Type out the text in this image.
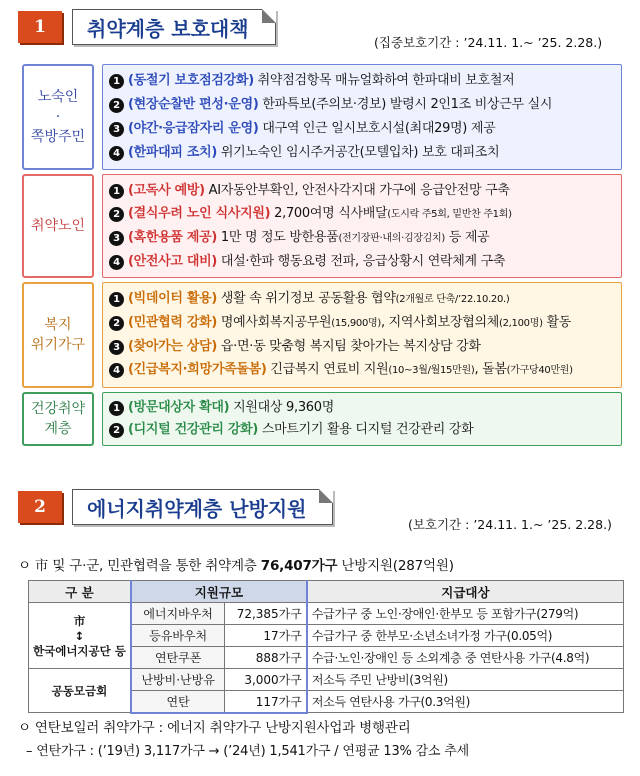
1	취약계층 보호대책
(집중보호기간 : ’24.11. 1.~ ’25. 2.28.)
노숙인
·
쪽방주민
1 (동절기 보호점검강화) 취약점검항목 매뉴얼화하여 한파대비 보호철저
2 (현장순찰반 편성·운영) 한파특보(주의보·경보) 발령시 2인1조 비상근무 실시
3 (야간·응급잠자리 운영) 대구역 인근 일시보호시설(최대29명) 제공
4 (한파대피 조치) 위기노숙인 임시주거공간(모텔입차) 보호 대피조치
취약노인
1 (고독사 예방) AI자동안부확인, 안전사각지대 가구에 응급안전망 구축
2 (결식우려 노인 식사지원) 2,700여명 식사배달(도시락 주5회, 밑반찬 주1회)
3 (혹한용품 제공) 1만 명 정도 방한용품(전기장판·내의·김장김치) 등 제공
4 (안전사고 대비) 대설·한파 행동요령 전파, 응급상황시 연락체계 구축
복지
위기가구
1 (빅데이터 활용) 생활 속 위기정보 공동활용 협약(2개월로 단축/’22.10.20.)
2 (민관협력 강화) 명예사회복지공무원(15,900명), 지역사회보장협의체(2,100명) 활동
3 (찾아가는 상담) 읍·면·동 맞춤형 복지팀 찾아가는 복지상담 강화
4 (긴급복지·희망가족돌봄) 긴급복지 연료비 지원(10~3월/월15만원), 돌봄(가구당40만원)
건강취약
계층
1 (방문대상자 확대) 지원대상 9,360명
2 (디지털 건강관리 강화) 스마트기기 활용 디지털 건강관리 강화
2	에너지취약계층 난방지원
(보호기간 : ’24.11. 1.~ ’25. 2.28.)
ㅇ 市 및 구·군, 민관협력을 통한 취약계층 76,407가구 난방지원(287억원)
구 분	지원규모		지급대상

市
↕
한국에너지공단 등	에너지바우처	72,385가구	수급가구 중 노인·장애인·한부모 등 포함가구(279억)
	등유바우처	17가구	수급가구 중 한부모·소년소녀가정 가구(0.05억)
	연탄쿠폰	888가구	수급·노인·장애인 등 소외계층 중 연탄사용 가구(4.8억)
공동모금회	난방비·난방유	3,000가구	저소득 주민 난방비(3억원)
	연탄	117가구	저소득 연탄사용 가구(0.3억원)
ㅇ 연탄보일러 취약가구 : 에너지 취약가구 난방지원사업과 병행관리
– 연탄가구 : (’19년) 3,117가구 → (’24년) 1,541가구 / 연평균 13% 감소 추세
